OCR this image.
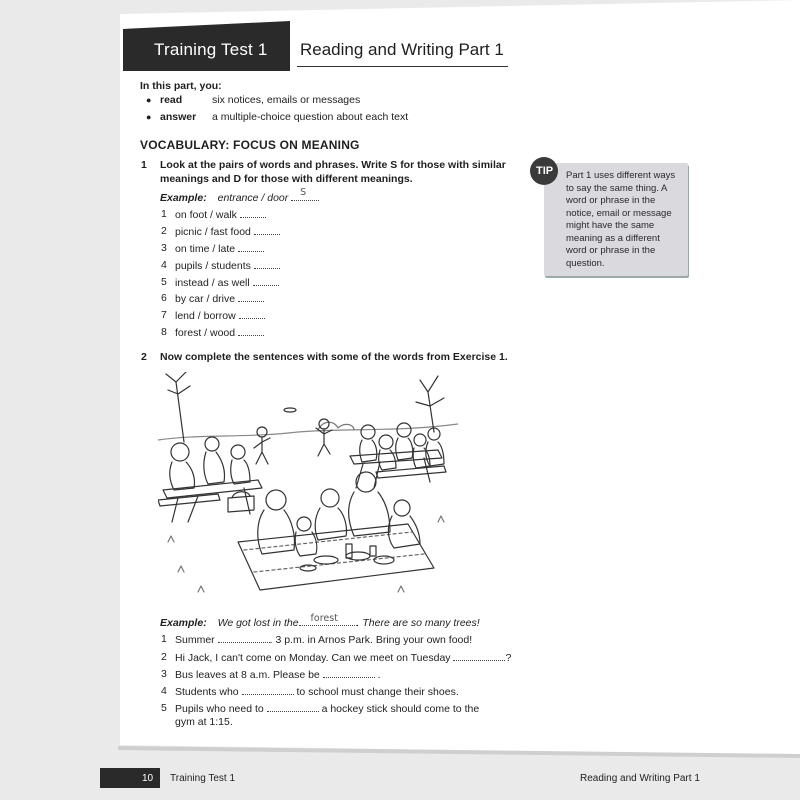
Training Test 1 Reading and Writing Part 1
In this part, you:
● read	six notices, emails or messages
● answer a multiple-choice question about each text
VOCABULARY: FOCUS ON MEANING
1 Look at the pairs of words and phrases. Write S for those with similar
meanings and D for those with different meanings.
Example: entrance / door S
1 on foot / walk
2 picnic / fast food
3 on time / late
4 pupils / students
5 instead / as well
6 by car / drive
7 lend / borrow
8 forest / wood
TIP Part 1 uses different ways to say the same thing. A word or phrase in the notice, email or message might have the same meaning as a different word or phrase in the question.
2 Now complete the sentences with some of the words from Exercise 1.
Example: We got lost in the forest . There are so many trees!
1 Summer	. 3 p.m. in Arnos Park. Bring your own food!
2 Hi Jack, I can't come on Monday. Can we meet on Tuesday	?
3 Bus leaves at 8 a.m. Please be	.
4 Students who	to school must change their shoes.
5 Pupils who need to	a hockey stick should come to the
gym at 1:15.
10 Training Test 1	Reading and Writing Part 1
